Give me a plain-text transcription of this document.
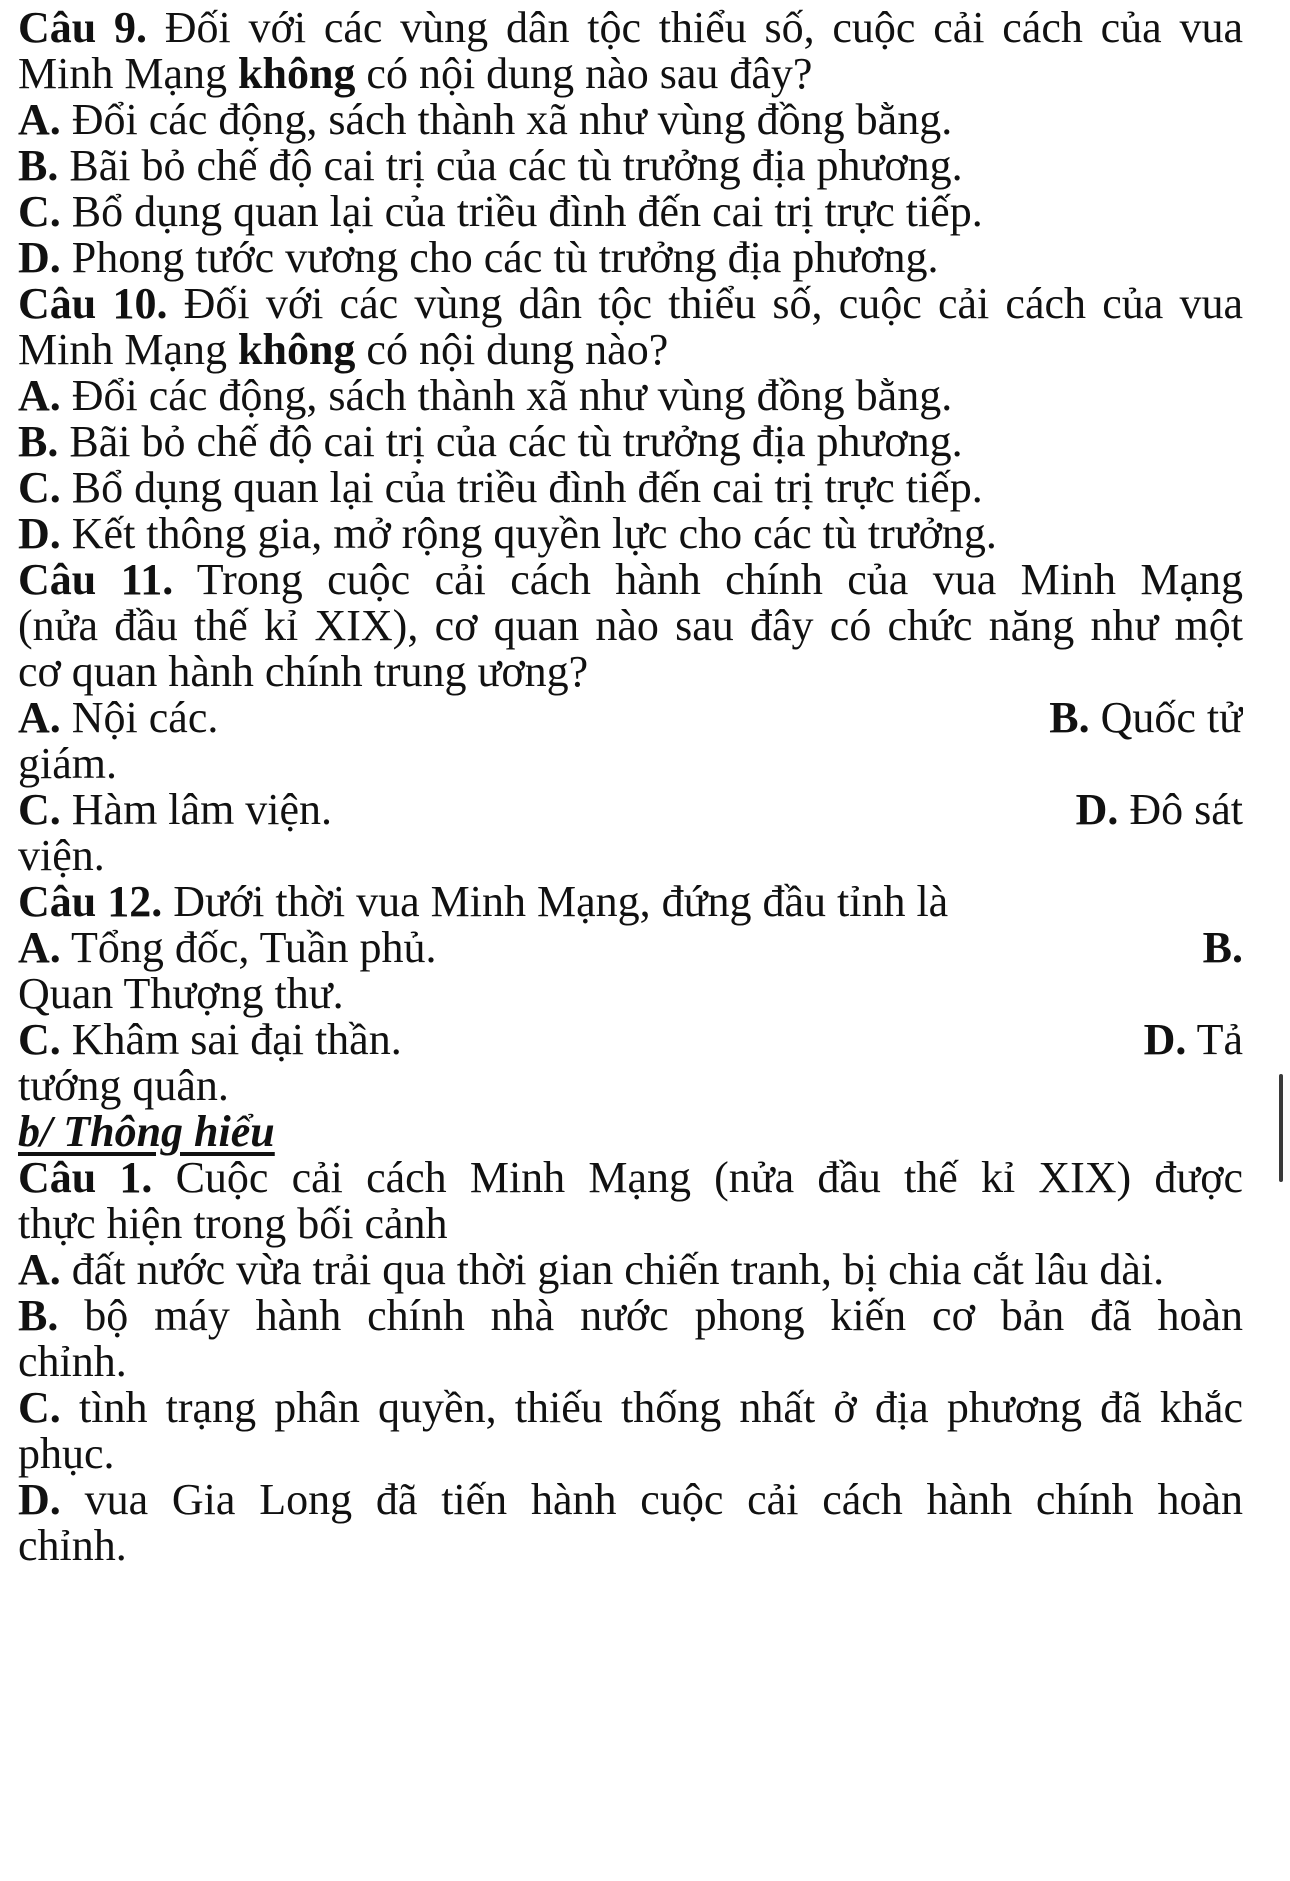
Câu 9. Đối với các vùng dân tộc thiểu số, cuộc cải cách của vua
Minh Mạng không có nội dung nào sau đây?
A. Đổi các động, sách thành xã như vùng đồng bằng.
B. Bãi bỏ chế độ cai trị của các tù trưởng địa phương.
C. Bổ dụng quan lại của triều đình đến cai trị trực tiếp.
D. Phong tước vương cho các tù trưởng địa phương.
Câu 10. Đối với các vùng dân tộc thiểu số, cuộc cải cách của vua
Minh Mạng không có nội dung nào?
A. Đổi các động, sách thành xã như vùng đồng bằng.
B. Bãi bỏ chế độ cai trị của các tù trưởng địa phương.
C. Bổ dụng quan lại của triều đình đến cai trị trực tiếp.
D. Kết thông gia, mở rộng quyền lực cho các tù trưởng.
Câu 11. Trong cuộc cải cách hành chính của vua Minh Mạng
(nửa đầu thế kỉ XIX), cơ quan nào sau đây có chức năng như một
cơ quan hành chính trung ương?
A. Nội các.	B. Quốc tử
giám.
C. Hàm lâm viện.	D. Đô sát
viện.
Câu 12. Dưới thời vua Minh Mạng, đứng đầu tỉnh là
A. Tổng đốc, Tuần phủ.	B.
Quan Thượng thư.
C. Khâm sai đại thần.	D. Tả
tướng quân.
b/ Thông hiểu
Câu 1. Cuộc cải cách Minh Mạng (nửa đầu thế kỉ XIX) được
thực hiện trong bối cảnh
A. đất nước vừa trải qua thời gian chiến tranh, bị chia cắt lâu dài.
B. bộ máy hành chính nhà nước phong kiến cơ bản đã hoàn
chỉnh.
C. tình trạng phân quyền, thiếu thống nhất ở địa phương đã khắc
phục.
D. vua Gia Long đã tiến hành cuộc cải cách hành chính hoàn
chỉnh.
